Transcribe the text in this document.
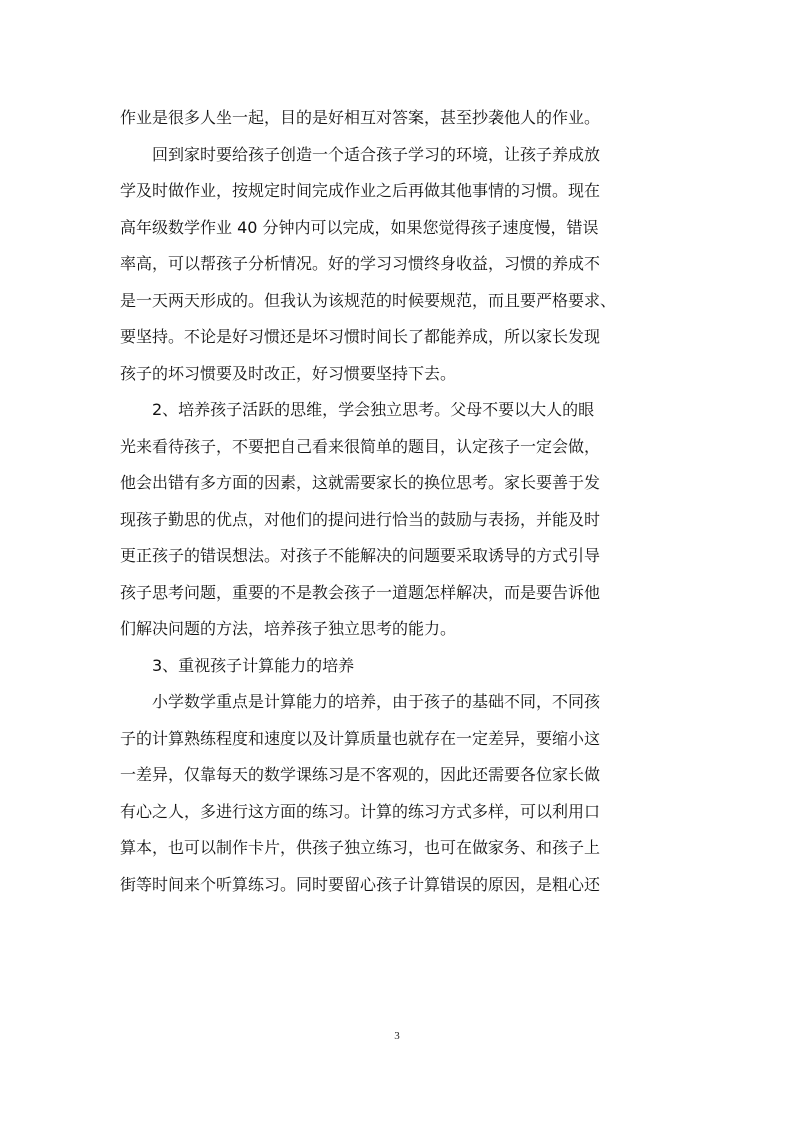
作业是很多人坐一起，目的是好相互对答案，甚至抄袭他人的作业。
　　回到家时要给孩子创造一个适合孩子学习的环境，让孩子养成放
学及时做作业，按规定时间完成作业之后再做其他事情的习惯。现在
高年级数学作业 40 分钟内可以完成，如果您觉得孩子速度慢，错误
率高，可以帮孩子分析情况。好的学习习惯终身收益，习惯的养成不
是一天两天形成的。但我认为该规范的时候要规范，而且要严格要求、
要坚持。不论是好习惯还是坏习惯时间长了都能养成，所以家长发现
孩子的坏习惯要及时改正，好习惯要坚持下去。
　　2、培养孩子活跃的思维，学会独立思考。父母不要以大人的眼
光来看待孩子，不要把自己看来很简单的题目，认定孩子一定会做，
他会出错有多方面的因素，这就需要家长的换位思考。家长要善于发
现孩子勤思的优点，对他们的提问进行恰当的鼓励与表扬，并能及时
更正孩子的错误想法。对孩子不能解决的问题要采取诱导的方式引导
孩子思考问题，重要的不是教会孩子一道题怎样解决，而是要告诉他
们解决问题的方法，培养孩子独立思考的能力。
　　3、重视孩子计算能力的培养
　　小学数学重点是计算能力的培养，由于孩子的基础不同，不同孩
子的计算熟练程度和速度以及计算质量也就存在一定差异，要缩小这
一差异，仅靠每天的数学课练习是不客观的，因此还需要各位家长做
有心之人，多进行这方面的练习。计算的练习方式多样，可以利用口
算本，也可以制作卡片，供孩子独立练习，也可在做家务、和孩子上
街等时间来个听算练习。同时要留心孩子计算错误的原因，是粗心还
3
